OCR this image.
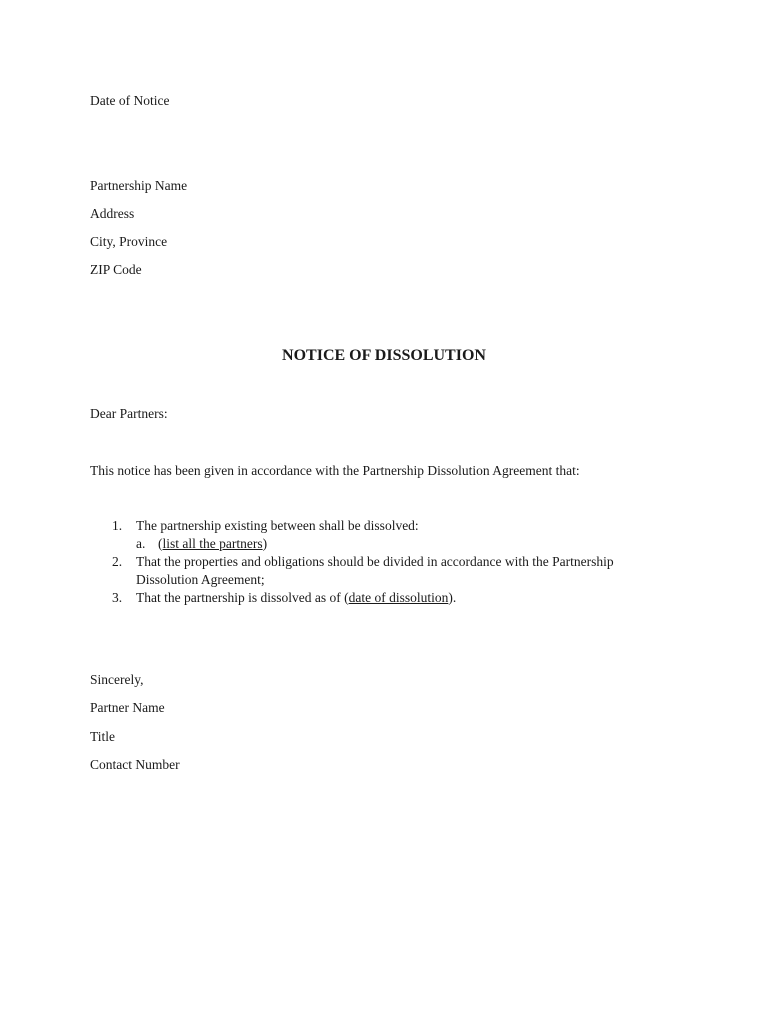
Date of Notice
Partnership Name
Address
City, Province
ZIP Code
NOTICE OF DISSOLUTION
Dear Partners:
This notice has been given in accordance with the Partnership Dissolution Agreement that:
1. The partnership existing between shall be dissolved:
a. (list all the partners)
2. That the properties and obligations should be divided in accordance with the Partnership
Dissolution Agreement;
3. That the partnership is dissolved as of (date of dissolution).
Sincerely,
Partner Name
Title
Contact Number
